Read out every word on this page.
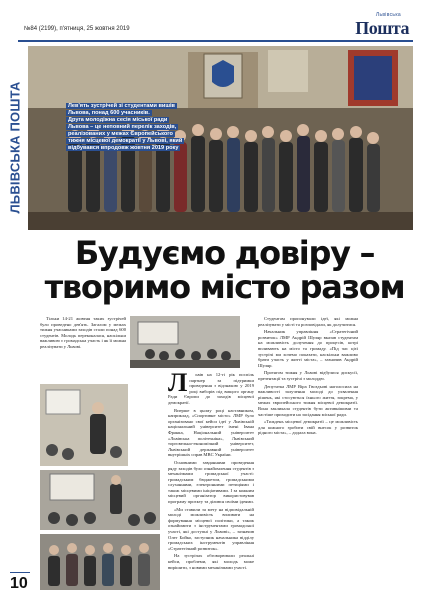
№84 (2199), п'ятниця, 25 жовтня 2019
Львівська
Пошта
ЛЬВІВСЬКА ПОШТА	Лев'ять зустрічей зі студентами вишів
Львова, понад 600 учасників.
Друга молодіжна сесія міської ради
Львова – це неповний перелік заходів,
реалізованих у межах Європейського
тижня місцевої демократії у Львові, який
відбувався впродовж жовтня 2019 року
Будуємо довіру –
творимо місто разом

Тільки 14-21 жовтня таких зустрічей було проведено дев'ять. Загалом у межах тижня учасниками заходів стали понад 600 студентів. Молодь переконалася, наскільки важливою є громадська участь і як її можна реалізувати у Львові.

Л	ьвів на 12-гі рік поспіль партнер за підтримки проведення з відзнакою у 2019 році виборів під вищого органу Ради Європи до заходів місцевої демократії.

Вперше в цьому році наставником, наприклад, «Спортивне місто» ЛМР було організовано свої кейси ідеї у Львівській національний університет імені Івана Франка, Національний університет «Львівська політехніка», Львівський торговельно-економічний університет, Львівський державний університет внутрішніх справ МВС України.

Основними завданнями проведення ряду заходів було ознайомлення студентів з механізмами громадської участі: громадським бюджетом, громадськими слуханнями, електронними петиціями і також місцевими ініціативами. І за кожним місцевий організатор використовував програму проєкту та ділився своїми ідеями.

«Ми ставили за мету на відповідальній молоді можливість впливати на формування місцевої політики, а також ознайомити з інструментами громадської участі, які доступні у Львові», – зазначив Олег Бойко, заступник начальника відділу громадських інструментів управління «Стратегічний розвиток».

На зустрічах обговорювали реальні кейси, проблеми, які молодь може вирішити, з новими механізмами участі.

Студентам пропонували ідеї, які можна реалізувати у місті та розповідали, як долучитися.

Начальник управління «Стратегічний розвиток» ЛМР Андрій Шуляр вказав студентам на можливість долучення до процесів, котрі впливають на місто та громаду. «Під час цієї зустрічі ми хочемо показати, наскільки важливо брати участь у житті міста», – зазначив Андрій Шуляр.

Протягом тижня у Львові відбулися дискусії, презентації та зустрічі з молоддю.

Депутатка ЛМР Віра Гвоздьові наголосила на важливості залучення молоді до ухвалення рішень, які стосуються їхнього життя, зокрема, у межах європейського тижня місцевої демократії. Вона закликала студентів бути активнішими та частіше приходити на засідання міської ради.

«Тиждень місцевої демократії – це можливість для кожного зробити свій внесок у розвиток рідного міста», – додала вона.

10
